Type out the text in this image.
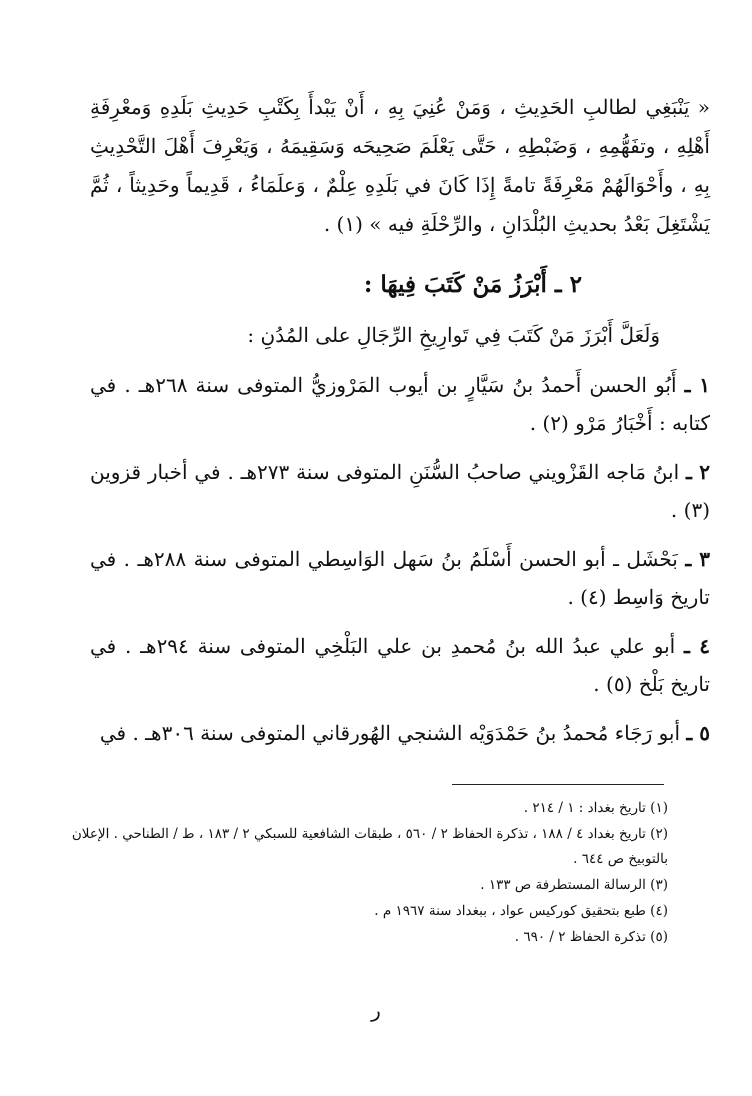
« يَنْبَغِي لطالبِ الحَدِيثِ ، وَمَنْ عُنِيَ بِهِ ، أَنْ يَبْدأَ بِكَتْبِ حَدِيثِ بَلَدِهِ وَمعْرِفَةِ أَهْلِهِ ، وتفَهُّمِهِ ، وَضَبْطِهِ ، حَتَّى يَعْلَمَ صَحِيحَه وَسَقِيمَهُ ، وَيَعْرِفَ أَهْلَ التَّحْدِيثِ بِهِ ، وأَحْوَالَهُمْ مَعْرِفَةً تامةً إِذَا كَانَ في بَلَدِهِ عِلْمٌ ، وَعلَمَاءُ ، قَدِيماً وحَدِيثاً ، ثُمَّ يَشْتَغِلَ بَعْدُ بحديثِ البُلْدَانِ ، والرِّحْلَةِ فيه » (١) .

٢ ـ أَبْرَزُ مَنْ كَتَبَ فِيهَا :

وَلَعَلَّ أَبْرَزَ مَنْ كَتَبَ فِي تَوارِيخِ الرِّجَالِ على المُدُنِ :

١ ـ أَبُو الحسن أَحمدُ بنُ سَيَّارٍ بن أيوب المَرْوزيُّ المتوفى سنة ٢٦٨هـ . في كتابه : أَخْبَارُ مَرْو (٢) .
٢ ـ ابنُ مَاجه القَزْويني صاحبُ السُّنَنِ المتوفى سنة ٢٧٣هـ . في أخبار قزوين (٣) .
٣ ـ بَحْشَل ـ أبو الحسن أَسْلَمُ بنُ سَهل الوَاسِطي المتوفى سنة ٢٨٨هـ . في تاريخ وَاسِط (٤) .
٤ ـ أبو علي عبدُ الله بنُ مُحمدِ بن علي البَلْخِي المتوفى سنة ٢٩٤هـ . في تاريخ بَلْخ (٥) .
٥ ـ أبو رَجَاء مُحمدُ بنُ حَمْدَوَيْه الشنجي الهُورقاني المتوفى سنة ٣٠٦هـ . في
(١) تاريخ بغداد : ١ / ٢١٤ .
(٢) تاريخ بغداد ٤ / ١٨٨ ، تذكرة الحفاظ ٢ / ٥٦٠ ، طبقات الشافعية للسبكي ٢ / ١٨٣ ، ط / الطناحي . الإعلان بالتوبيخ ص ٦٤٤ .
(٣) الرسالة المستطرفة ص ١٣٣ .
(٤) طبع بتحقيق كوركيس عواد ، ببغداد سنة ١٩٦٧ م .
(٥) تذكرة الحفاظ ٢ / ٦٩٠ .

ر
